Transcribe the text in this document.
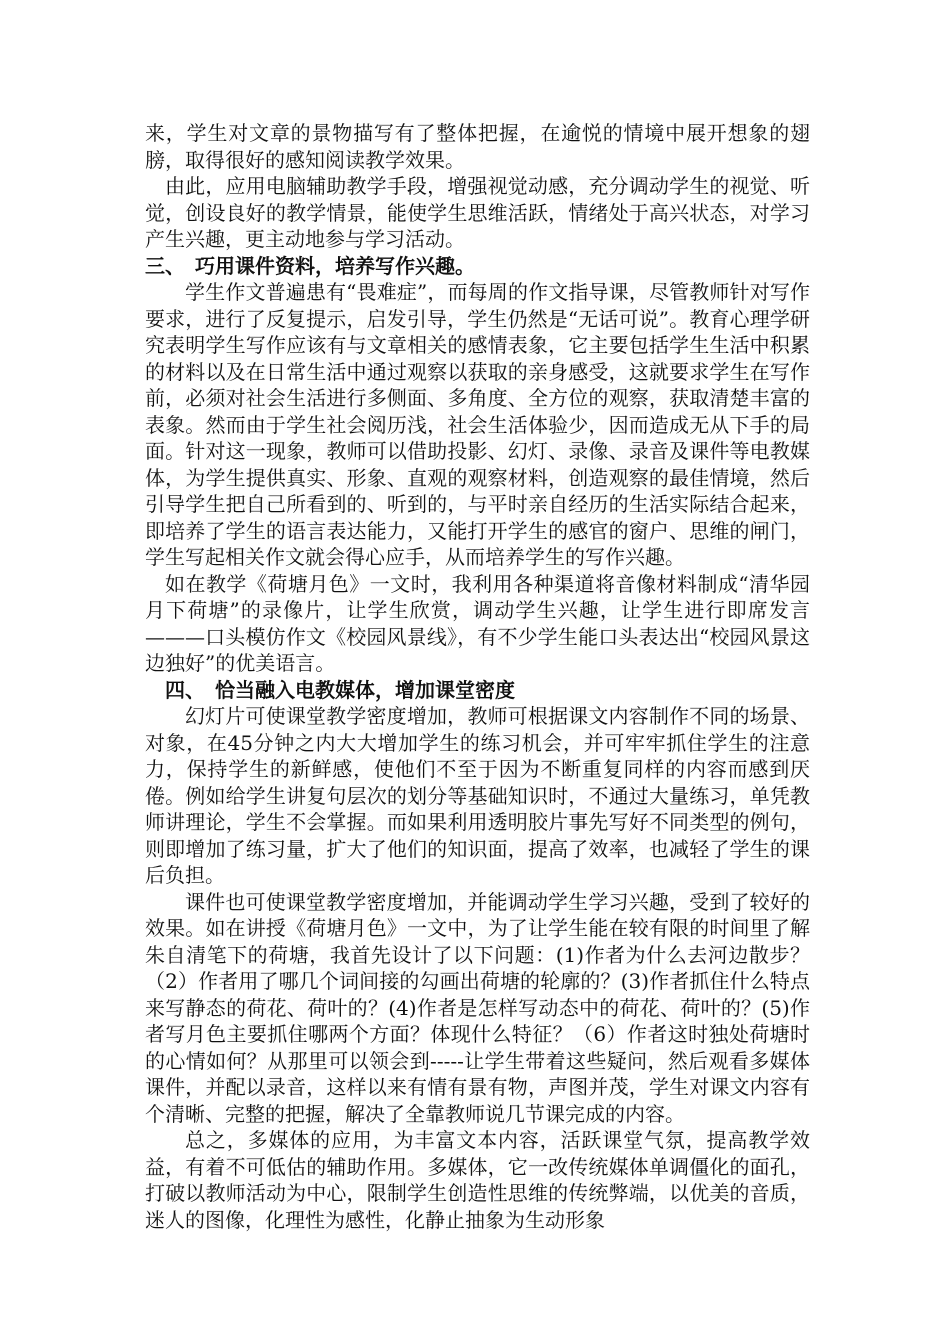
来，学生对文章的景物描写有了整体把握，在逾悦的情境中展开想象的翅膀，取得很好的感知阅读教学效果。

由此，应用电脑辅助教学手段，增强视觉动感，充分调动学生的视觉、听觉，创设良好的教学情景，能使学生思维活跃，情绪处于高兴状态，对学习产生兴趣，更主动地参与学习活动。

三、　巧用课件资料，培养写作兴趣。

学生作文普遍患有“畏难症”，而每周的作文指导课，尽管教师针对写作要求，进行了反复提示，启发引导，学生仍然是“无话可说”。教育心理学研究表明学生写作应该有与文章相关的感情表象，它主要包括学生生活中积累的材料以及在日常生活中通过观察以获取的亲身感受，这就要求学生在写作前，必须对社会生活进行多侧面、多角度、全方位的观察，获取清楚丰富的表象。然而由于学生社会阅历浅，社会生活体验少，因而造成无从下手的局面。针对这一现象，教师可以借助投影、幻灯、录像、录音及课件等电教媒体，为学生提供真实、形象、直观的观察材料，创造观察的最佳情境，然后引导学生把自己所看到的、听到的，与平时亲自经历的生活实际结合起来，即培养了学生的语言表达能力，又能打开学生的感官的窗户、思维的闸门，学生写起相关作文就会得心应手，从而培养学生的写作兴趣。

如在教学《荷塘月色》一文时，我利用各种渠道将音像材料制成“清华园月下荷塘”的录像片，让学生欣赏，调动学生兴趣，让学生进行即席发言———口头模仿作文《校园风景线》，有不少学生能口头表达出“校园风景这边独好”的优美语言。

四、　恰当融入电教媒体，增加课堂密度

幻灯片可使课堂教学密度增加，教师可根据课文内容制作不同的场景、对象，在45分钟之内大大增加学生的练习机会，并可牢牢抓住学生的注意力，保持学生的新鲜感，使他们不至于因为不断重复同样的内容而感到厌倦。例如给学生讲复句层次的划分等基础知识时，不通过大量练习，单凭教师讲理论，学生不会掌握。而如果利用透明胶片事先写好不同类型的例句，则即增加了练习量，扩大了他们的知识面，提高了效率，也减轻了学生的课后负担。

课件也可使课堂教学密度增加，并能调动学生学习兴趣，受到了较好的效果。如在讲授《荷塘月色》一文中，为了让学生能在较有限的时间里了解朱自清笔下的荷塘，我首先设计了以下问题：(1)作者为什么去河边散步？（2）作者用了哪几个词间接的勾画出荷塘的轮廓的？(3)作者抓住什么特点来写静态的荷花、荷叶的？(4)作者是怎样写动态中的荷花、荷叶的？(5)作者写月色主要抓住哪两个方面？体现什么特征？（6）作者这时独处荷塘时的心情如何？从那里可以领会到-----让学生带着这些疑问，然后观看多媒体课件，并配以录音，这样以来有情有景有物，声图并茂，学生对课文内容有个清晰、完整的把握，解决了全靠教师说几节课完成的内容。

总之，多媒体的应用，为丰富文本内容，活跃课堂气氛，提高教学效益，有着不可低估的辅助作用。多媒体，它一改传统媒体单调僵化的面孔，打破以教师活动为中心，限制学生创造性思维的传统弊端，以优美的音质，迷人的图像，化理性为感性，化静止抽象为生动形象
